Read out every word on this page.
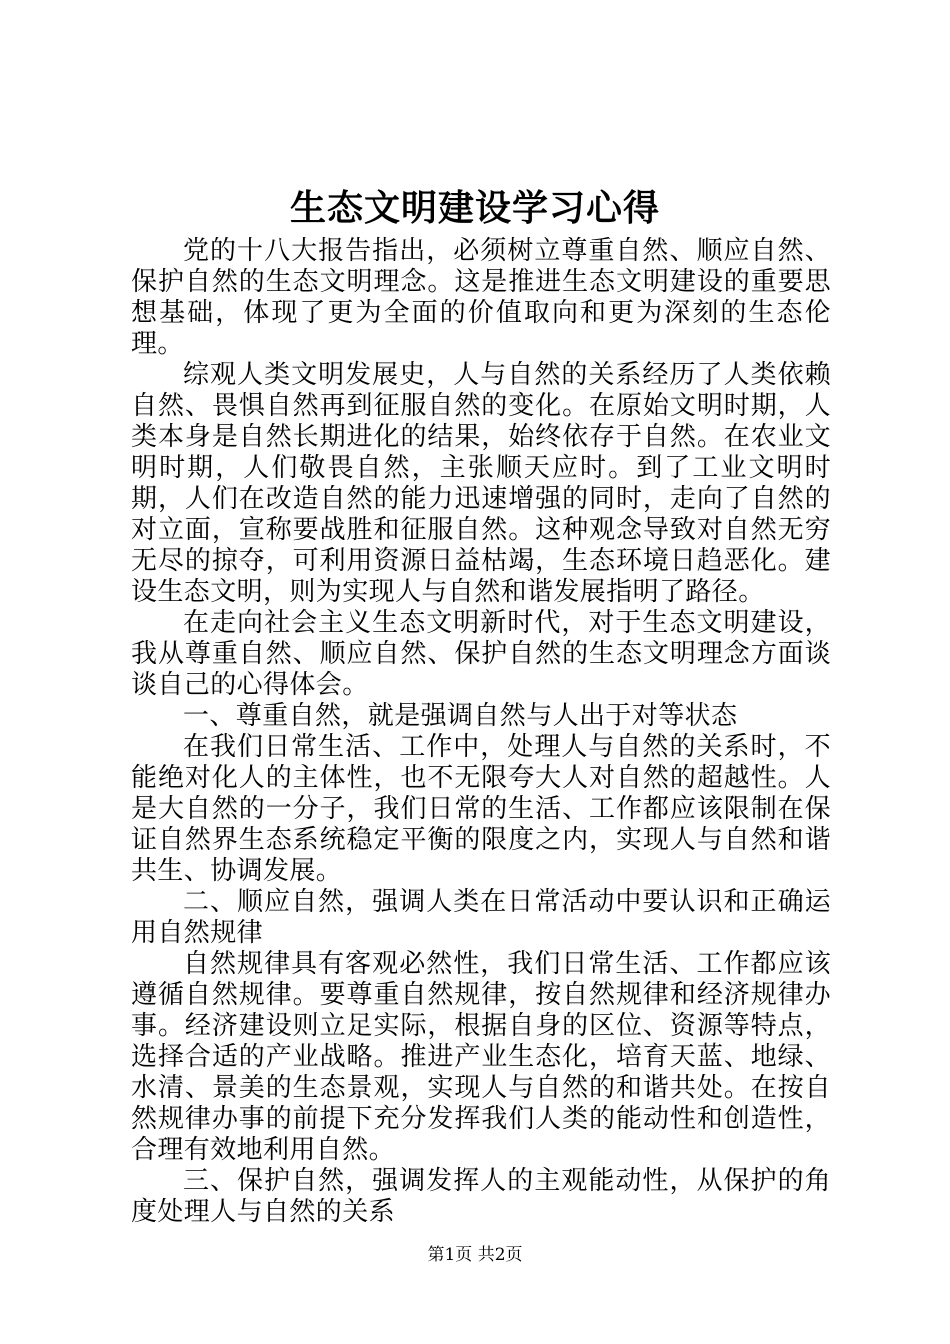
生态文明建设学习心得

党的十八大报告指出，必须树立尊重自然、顺应自然、保护自然的生态文明理念。这是推进生态文明建设的重要思想基础，体现了更为全面的价值取向和更为深刻的生态伦理。

综观人类文明发展史，人与自然的关系经历了人类依赖自然、畏惧自然再到征服自然的变化。在原始文明时期，人类本身是自然长期进化的结果，始终依存于自然。在农业文明时期，人们敬畏自然，主张顺天应时。到了工业文明时期，人们在改造自然的能力迅速增强的同时，走向了自然的对立面，宣称要战胜和征服自然。这种观念导致对自然无穷无尽的掠夺，可利用资源日益枯竭，生态环境日趋恶化。建设生态文明，则为实现人与自然和谐发展指明了路径。

在走向社会主义生态文明新时代，对于生态文明建设，我从尊重自然、顺应自然、保护自然的生态文明理念方面谈谈自己的心得体会。

一、尊重自然，就是强调自然与人出于对等状态

在我们日常生活、工作中，处理人与自然的关系时，不能绝对化人的主体性，也不无限夸大人对自然的超越性。人是大自然的一分子，我们日常的生活、工作都应该限制在保证自然界生态系统稳定平衡的限度之内，实现人与自然和谐共生、协调发展。

二、顺应自然，强调人类在日常活动中要认识和正确运用自然规律

自然规律具有客观必然性，我们日常生活、工作都应该遵循自然规律。要尊重自然规律，按自然规律和经济规律办事。经济建设则立足实际，根据自身的区位、资源等特点，选择合适的产业战略。推进产业生态化，培育天蓝、地绿、水清、景美的生态景观，实现人与自然的和谐共处。在按自然规律办事的前提下充分发挥我们人类的能动性和创造性，合理有效地利用自然。

三、保护自然，强调发挥人的主观能动性，从保护的角度处理人与自然的关系

第1页 共2页
